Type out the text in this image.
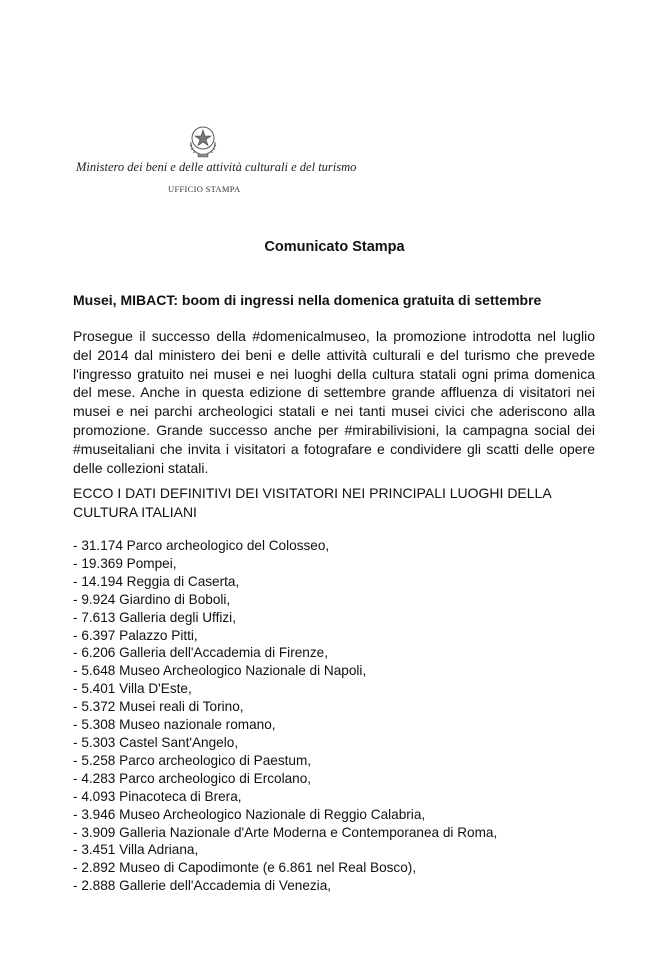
Ministero dei beni e delle attività culturali e del turismo
UFFICIO STAMPA
Comunicato Stampa
Musei, MIBACT: boom di ingressi nella domenica gratuita di settembre
Prosegue il successo della #domenicalmuseo, la promozione introdotta nel luglio del 2014 dal ministero dei beni e delle attività culturali e del turismo che prevede l'ingresso gratuito nei musei e nei luoghi della cultura statali ogni prima domenica del mese. Anche in questa edizione di settembre grande affluenza di visitatori nei musei e nei parchi archeologici statali e nei tanti musei civici che aderiscono alla promozione. Grande successo anche per #mirabilivisioni, la campagna social dei #museitaliani che invita i visitatori a fotografare e condividere gli scatti delle opere delle collezioni statali.
ECCO I DATI DEFINITIVI DEI VISITATORI NEI PRINCIPALI LUOGHI DELLA CULTURA ITALIANI
- 31.174 Parco archeologico del Colosseo,
- 19.369 Pompei,
- 14.194 Reggia di Caserta,
- 9.924 Giardino di Boboli,
- 7.613 Galleria degli Uffizi,
- 6.397 Palazzo Pitti,
- 6.206 Galleria dell'Accademia di Firenze,
- 5.648 Museo Archeologico Nazionale di Napoli,
- 5.401 Villa D'Este,
- 5.372 Musei reali di Torino,
- 5.308 Museo nazionale romano,
- 5.303 Castel Sant'Angelo,
- 5.258 Parco archeologico di Paestum,
- 4.283 Parco archeologico di Ercolano,
- 4.093 Pinacoteca di Brera,
- 3.946 Museo Archeologico Nazionale di Reggio Calabria,
- 3.909 Galleria Nazionale d'Arte Moderna e Contemporanea di Roma,
- 3.451 Villa Adriana,
- 2.892 Museo di Capodimonte (e 6.861 nel Real Bosco),
- 2.888 Gallerie dell'Accademia di Venezia,
